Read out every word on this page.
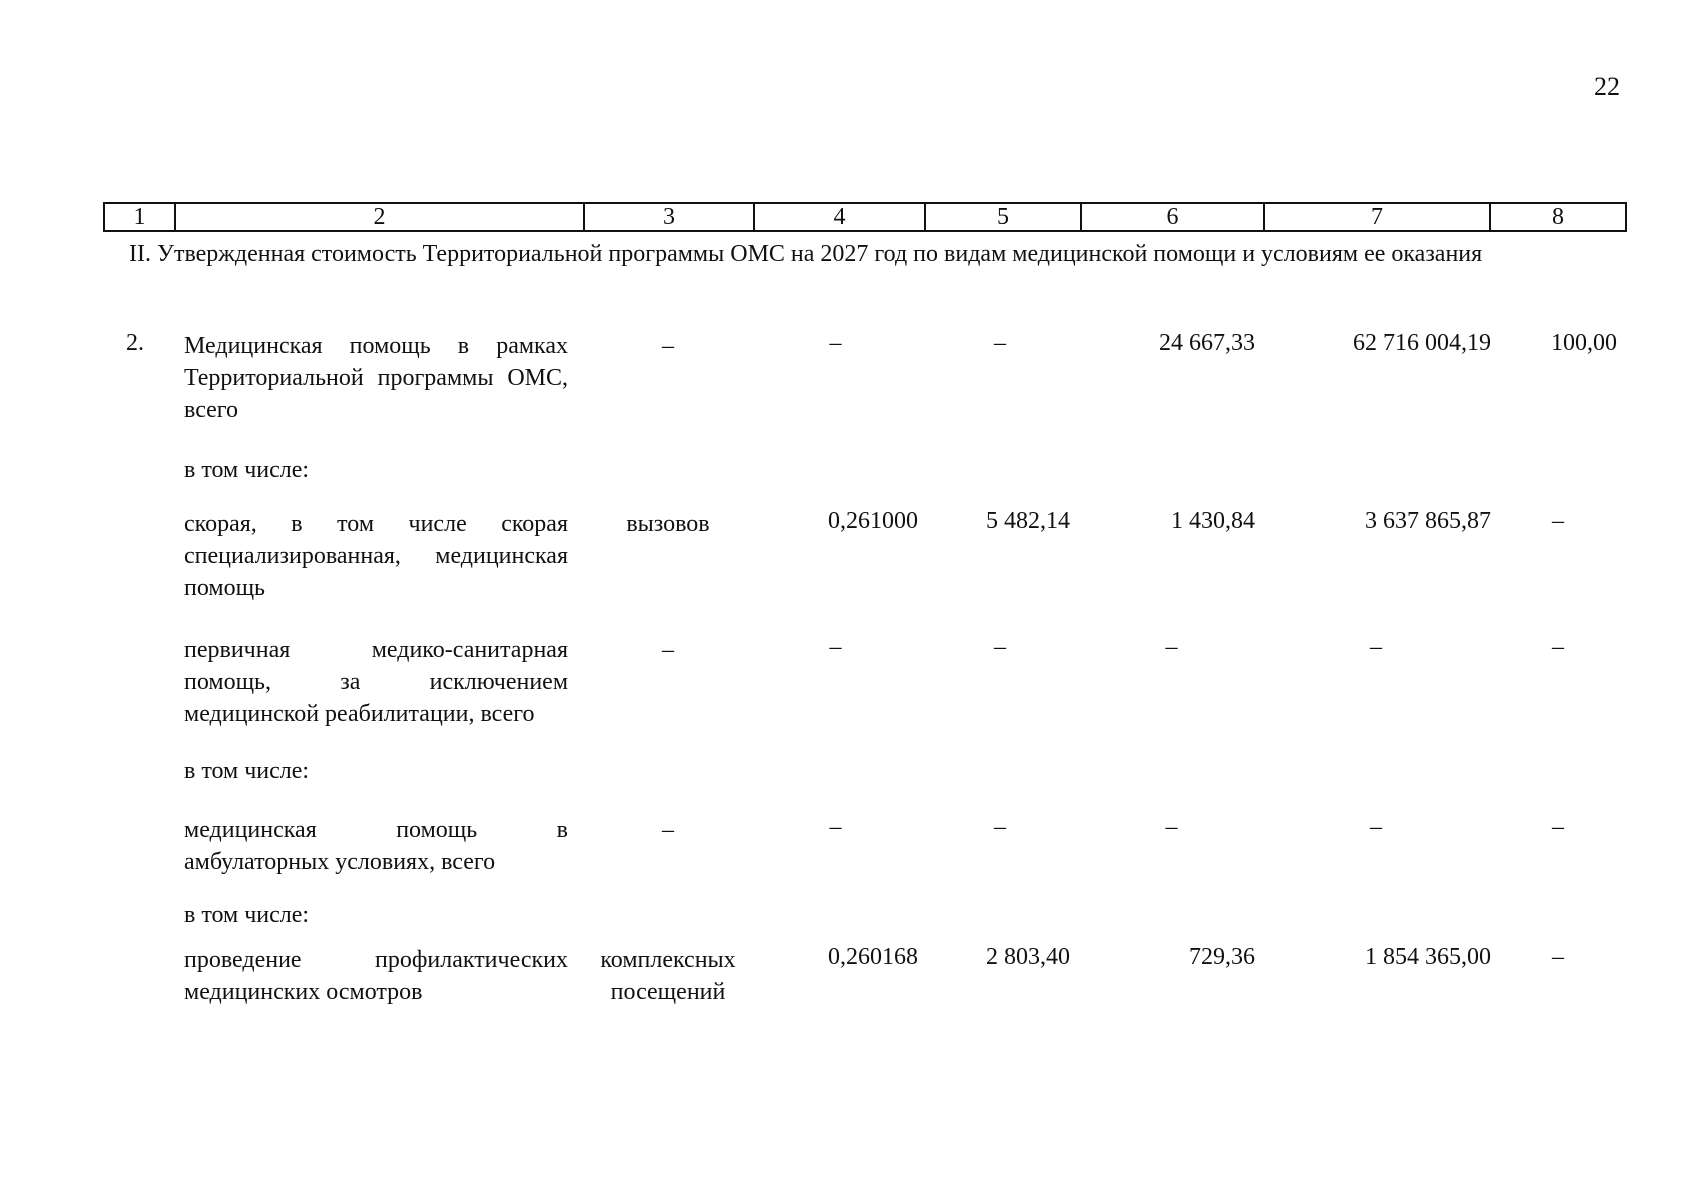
22
1	2	3	4	5	6	7	8
II. Утвержденная стоимость Территориальной программы ОМС на 2027 год по видам медицинской помощи и условиям ее оказания
2. Медицинская помощь в рамках Территориальной программы ОМС, всего
–	–	–	24 667,33	62 716 004,19	100,00
в том числе:
скорая, в том числе скорая специализированная, медицинская помощь
вызовов	0,261000	5 482,14	1 430,84	3 637 865,87	–
первичная медико-санитарная помощь, за исключением медицинской реабилитации, всего
–	–	–	–	–	–
в том числе:
медицинская помощь в амбулаторных условиях, всего
–	–	–	–	–	–
в том числе:
проведение профилактических медицинских осмотров
комплексных посещений
0,260168	2 803,40	729,36	1 854 365,00	–
